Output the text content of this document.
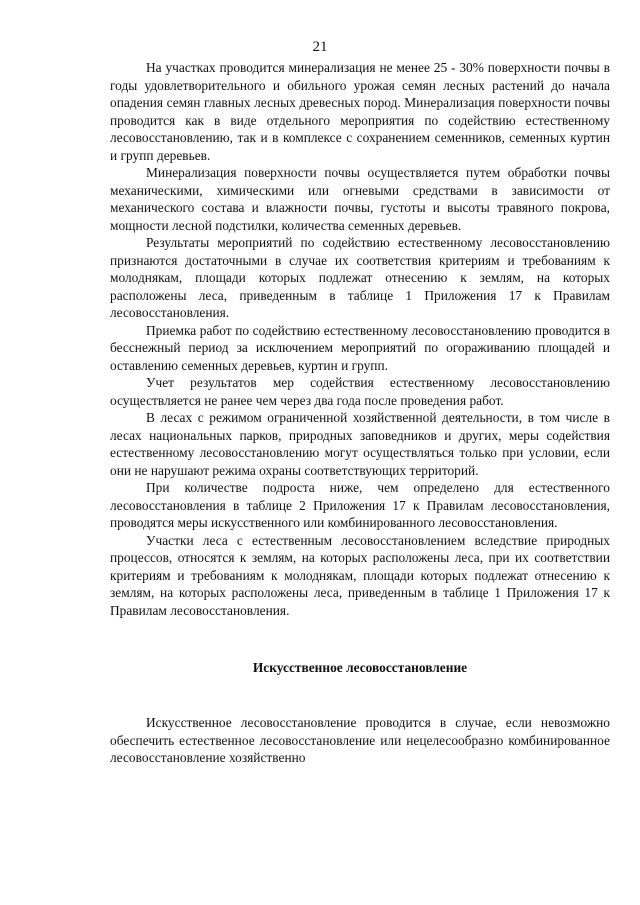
21

На участках проводится минерализация не менее 25 - 30% поверхности почвы в годы удовлетворительного и обильного урожая семян лесных растений до начала опадения семян главных лесных древесных пород. Минерализация поверхности почвы проводится как в виде отдельного мероприятия по содействию естественному лесовосстановлению, так и в комплексе с сохранением семенников, семенных куртин и групп деревьев.

Минерализация поверхности почвы осуществляется путем обработки почвы механическими, химическими или огневыми средствами в зависимости от механического состава и влажности почвы, густоты и высоты травяного покрова, мощности лесной подстилки, количества семенных деревьев.

Результаты мероприятий по содействию естественному лесовосстановлению признаются достаточными в случае их соответствия критериям и требованиям к молоднякам, площади которых подлежат отнесению к землям, на которых расположены леса, приведенным в таблице 1 Приложения 17 к Правилам лесовосстановления.

Приемка работ по содействию естественному лесовосстановлению проводится в бесснежный период за исключением мероприятий по огораживанию площадей и оставлению семенных деревьев, куртин и групп.

Учет результатов мер содействия естественному лесовосстановлению осуществляется не ранее чем через два года после проведения работ.

В лесах с режимом ограниченной хозяйственной деятельности, в том числе в лесах национальных парков, природных заповедников и других, меры содействия естественному лесовосстановлению могут осуществляться только при условии, если они не нарушают режима охраны соответствующих территорий.

При количестве подроста ниже, чем определено для естественного лесовосстановления в таблице 2 Приложения 17 к Правилам лесовосстановления, проводятся меры искусственного или комбинированного лесовосстановления.

Участки леса с естественным лесовосстановлением вследствие природных процессов, относятся к землям, на которых расположены леса, при их соответствии критериям и требованиям к молоднякам, площади которых подлежат отнесению к землям, на которых расположены леса, приведенным в таблице 1 Приложения 17 к Правилам лесовосстановления.

Искусственное лесовосстановление

Искусственное лесовосстановление проводится в случае, если невозможно обеспечить естественное лесовосстановление или нецелесообразно комбинированное лесовосстановление хозяйственно
